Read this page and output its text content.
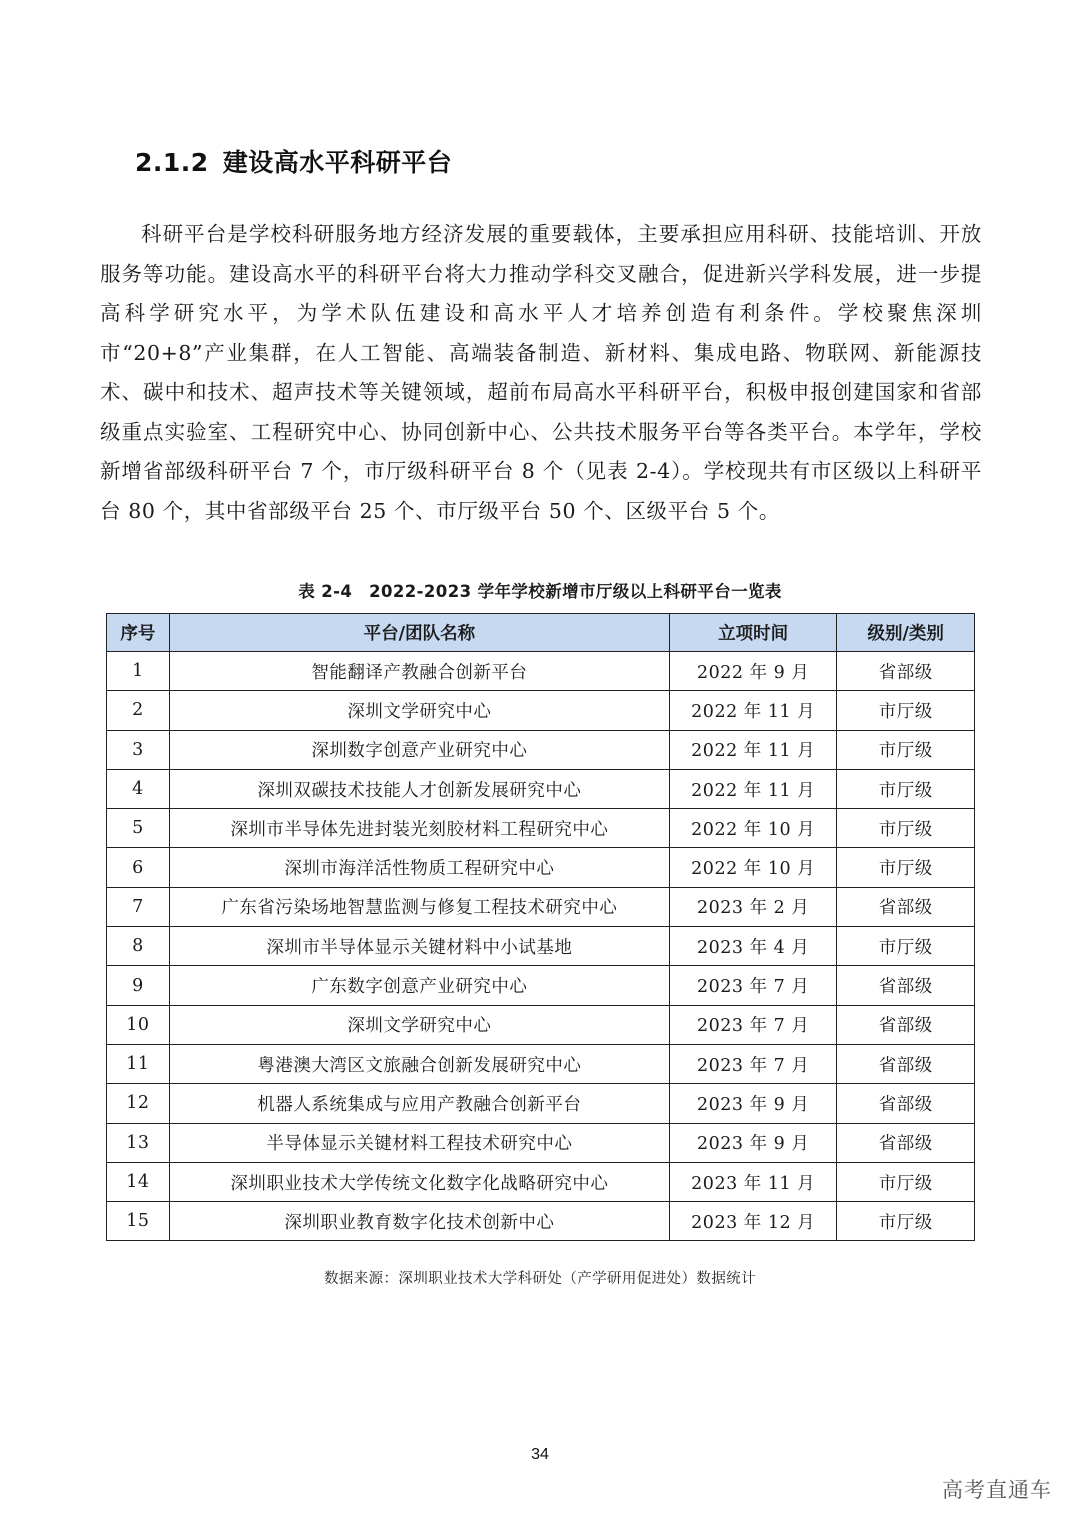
2.1.2 建设高水平科研平台

科研平台是学校科研服务地方经济发展的重要载体，主要承担应用科研、技能培训、开放服务等功能。建设高水平的科研平台将大力推动学科交叉融合，促进新兴学科发展，进一步提高科学研究水平，为学术队伍建设和高水平人才培养创造有利条件。学校聚焦深圳市“20+8”产业集群，在人工智能、高端装备制造、新材料、集成电路、物联网、新能源技术、碳中和技术、超声技术等关键领域，超前布局高水平科研平台，积极申报创建国家和省部级重点实验室、工程研究中心、协同创新中心、公共技术服务平台等各类平台。本学年，学校新增省部级科研平台 7 个，市厅级科研平台 8 个（见表 2-4）。学校现共有市区级以上科研平台 80 个，其中省部级平台 25 个、市厅级平台 50 个、区级平台 5 个。

表 2-4　2022-2023 学年学校新增市厅级以上科研平台一览表
序号	平台/团队名称	立项时间	级别/类别
1	智能翻译产教融合创新平台	2022 年 9 月	省部级
2	深圳文学研究中心	2022 年 11 月	市厅级
3	深圳数字创意产业研究中心	2022 年 11 月	市厅级
4	深圳双碳技术技能人才创新发展研究中心	2022 年 11 月	市厅级
5	深圳市半导体先进封装光刻胶材料工程研究中心	2022 年 10 月	市厅级
6	深圳市海洋活性物质工程研究中心	2022 年 10 月	市厅级
7	广东省污染场地智慧监测与修复工程技术研究中心	2023 年 2 月	省部级
8	深圳市半导体显示关键材料中小试基地	2023 年 4 月	市厅级
9	广东数字创意产业研究中心	2023 年 7 月	省部级
10	深圳文学研究中心	2023 年 7 月	省部级
11	粤港澳大湾区文旅融合创新发展研究中心	2023 年 7 月	省部级
12	机器人系统集成与应用产教融合创新平台	2023 年 9 月	省部级
13	半导体显示关键材料工程技术研究中心	2023 年 9 月	省部级
14	深圳职业技术大学传统文化数字化战略研究中心	2023 年 11 月	市厅级
15	深圳职业教育数字化技术创新中心	2023 年 12 月	市厅级
数据来源：深圳职业技术大学科研处（产学研用促进处）数据统计
34
高考直通车
